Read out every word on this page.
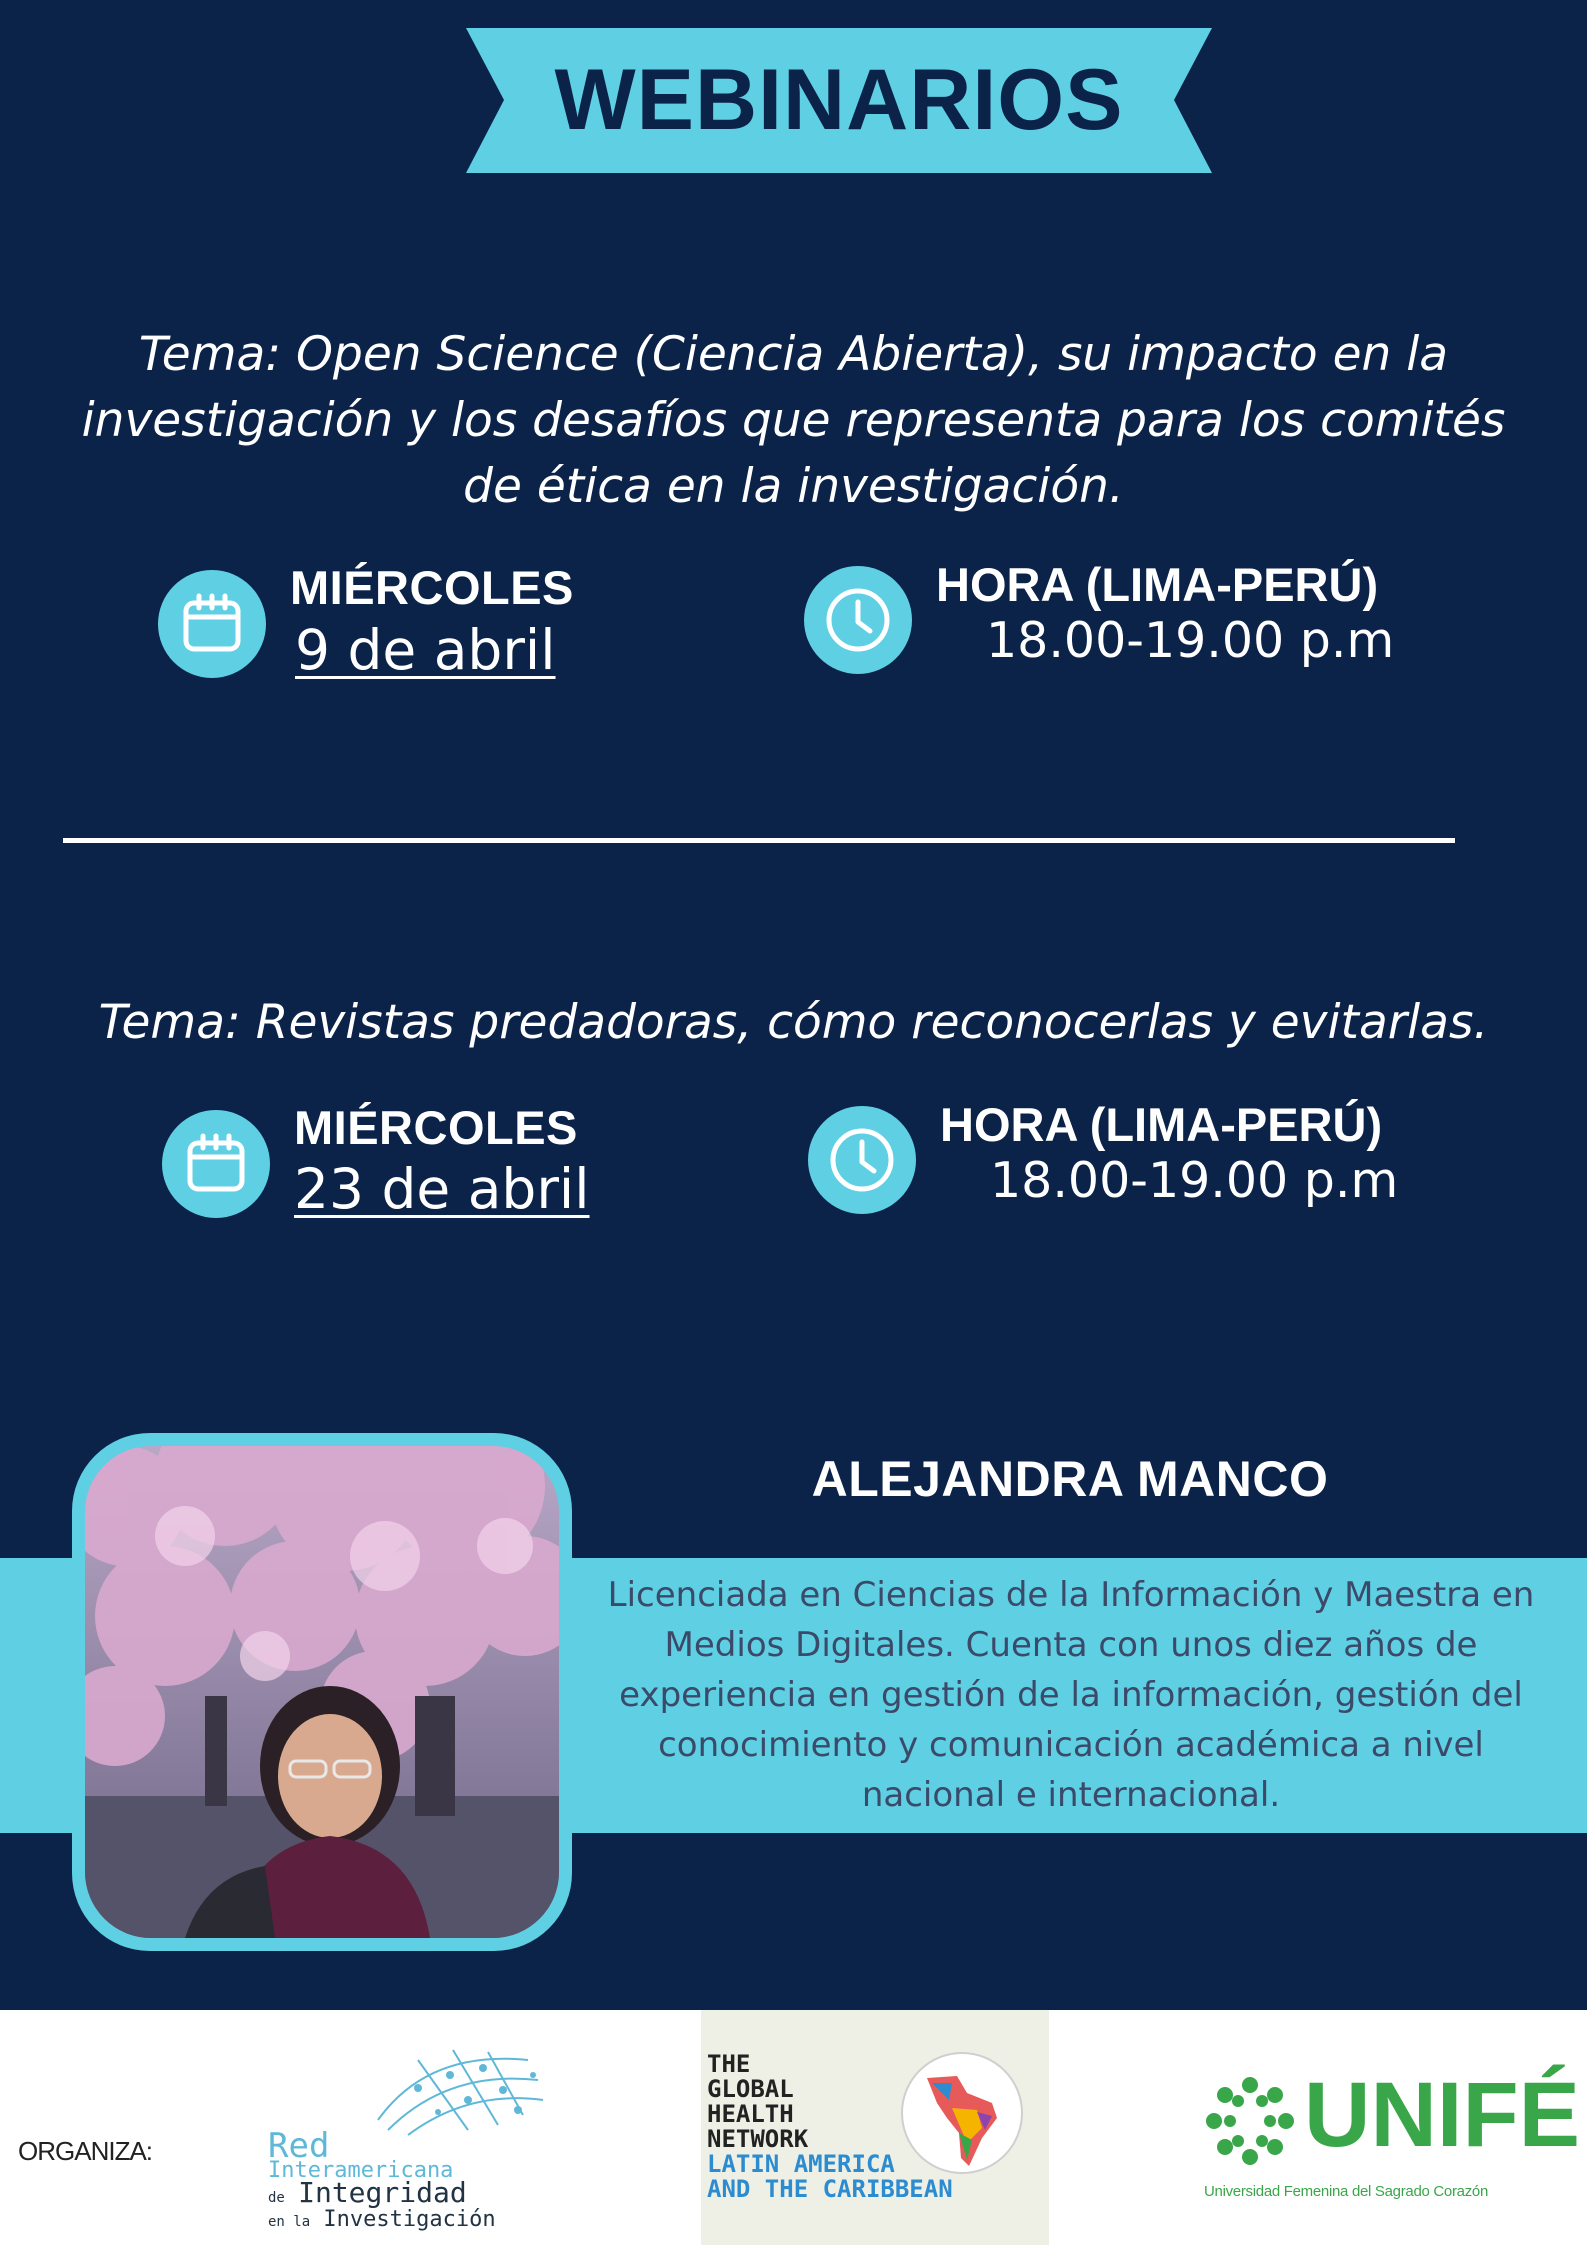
WEBINARIOS
Tema: Open Science (Ciencia Abierta), su impacto en la
investigación y los desafíos que representa para los comités
de ética en la investigación.
MIÉRCOLES
9 de abril
HORA (LIMA-PERÚ)
18.00-19.00 p.m
Tema: Revistas predadoras, cómo reconocerlas y evitarlas.
MIÉRCOLES
23 de abril
HORA (LIMA-PERÚ)
18.00-19.00 p.m
ALEJANDRA MANCO
Licenciada en Ciencias de la Información y Maestra en
Medios Digitales. Cuenta con unos diez años de
experiencia en gestión de la información, gestión del
conocimiento y comunicación académica a nivel
nacional e internacional.
ORGANIZA:	Red
Interamericana
de Integridad
en la Investigación
THE
GLOBAL
HEALTH
NETWORK
LATIN AMERICA
AND THE CARIBBEAN
UNIFÉ
Universidad Femenina del Sagrado Corazón
